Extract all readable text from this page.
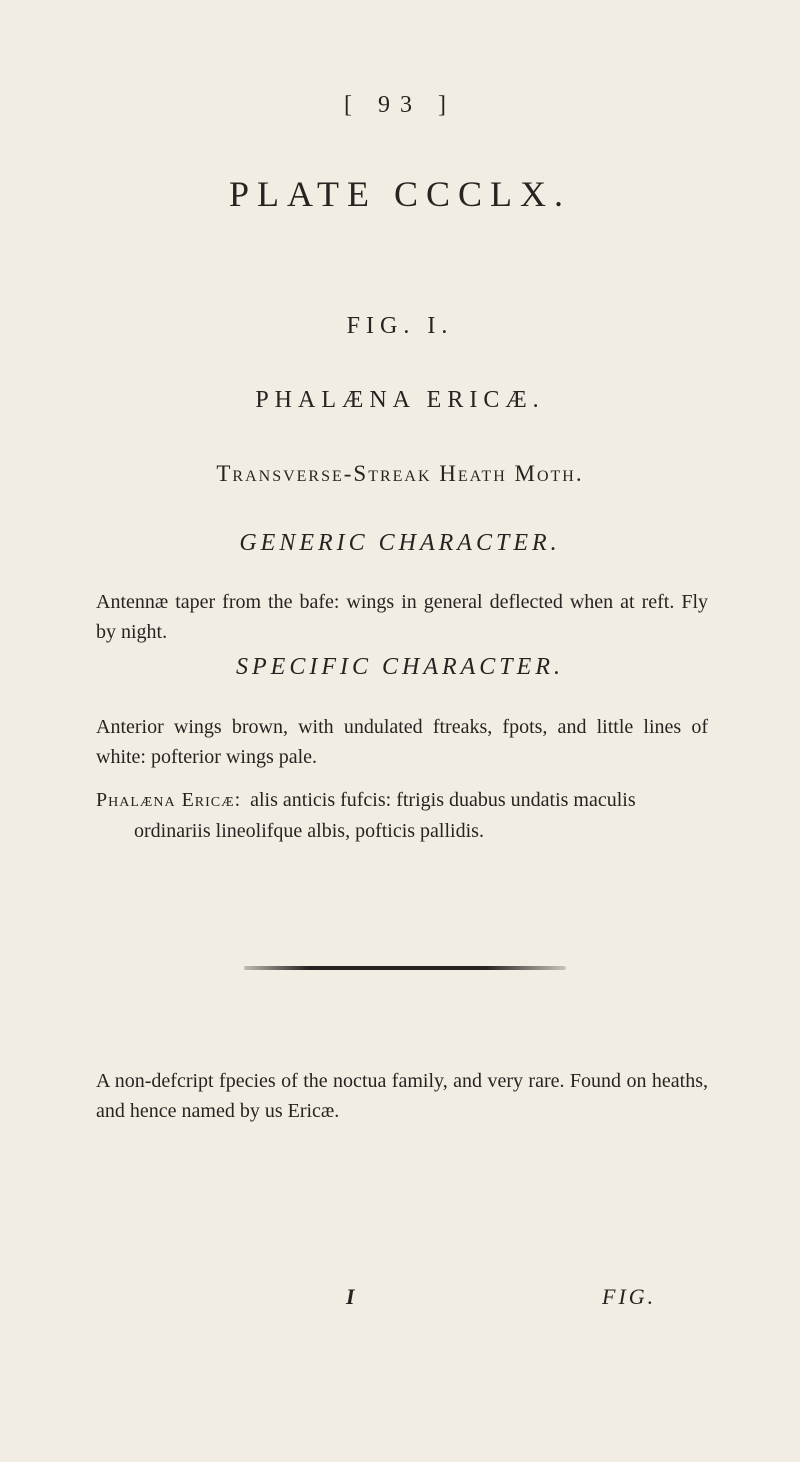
[ 93 ]
PLATE CCCLX.
FIG. I.
PHALÆNA ERICÆ.
Transverse-Streak Heath Moth.
GENERIC CHARACTER.
Antennæ taper from the bafe: wings in general deflected when at reft. Fly by night.
SPECIFIC CHARACTER.
Anterior wings brown, with undulated ftreaks, fpots, and little lines of white: pofterior wings pale.
Phalæna Ericæ: alis anticis fufcis: ftrigis duabus undatis maculis
ordinariis lineolifque albis, pofticis pallidis.
A non-defcript fpecies of the noctua family, and very rare. Found on heaths, and hence named by us Ericæ.
I	FIG.
